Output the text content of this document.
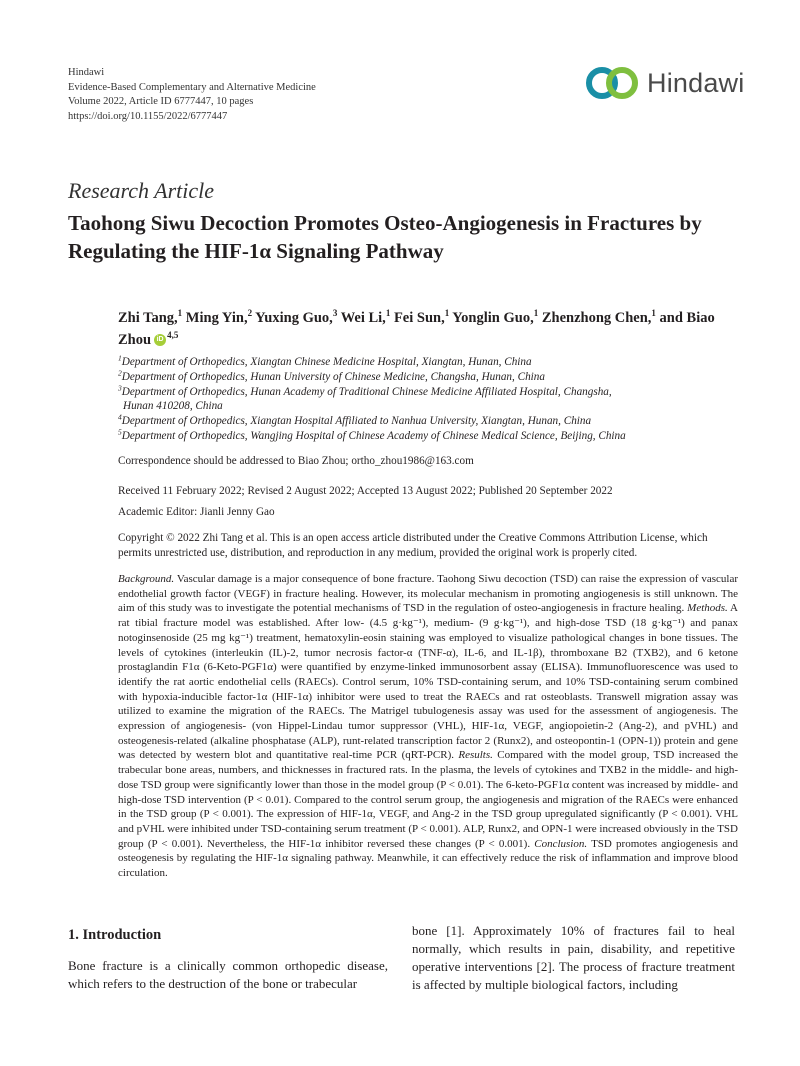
Hindawi
Evidence-Based Complementary and Alternative Medicine
Volume 2022, Article ID 6777447, 10 pages
https://doi.org/10.1155/2022/6777447
Hindawi
Research Article
Taohong Siwu Decoction Promotes Osteo-Angiogenesis in Fractures by Regulating the HIF-1α Signaling Pathway
Zhi Tang,$^1$ Ming Yin,$^2$ Yuxing Guo,$^3$ Wei Li,$^1$ Fei Sun,$^1$ Yonglin Guo,$^1$ Zhenzhong Chen,$^1$ and Biao Zhou iD $^{4,5}$
$^1$Department of Orthopedics, Xiangtan Chinese Medicine Hospital, Xiangtan, Hunan, China
$^2$Department of Orthopedics, Hunan University of Chinese Medicine, Changsha, Hunan, China
$^3$Department of Orthopedics, Hunan Academy of Traditional Chinese Medicine Affiliated Hospital, Changsha,
Hunan 410208, China
$^4$Department of Orthopedics, Xiangtan Hospital Affiliated to Nanhua University, Xiangtan, Hunan, China
$^5$Department of Orthopedics, Wangjing Hospital of Chinese Academy of Chinese Medical Science, Beijing, China
Correspondence should be addressed to Biao Zhou; ortho_zhou1986@163.com
Received 11 February 2022; Revised 2 August 2022; Accepted 13 August 2022; Published 20 September 2022
Academic Editor: Jianli Jenny Gao
Copyright © 2022 Zhi Tang et al. This is an open access article distributed under the Creative Commons Attribution License, which permits unrestricted use, distribution, and reproduction in any medium, provided the original work is properly cited.
Background. Vascular damage is a major consequence of bone fracture. Taohong Siwu decoction (TSD) can raise the expression of vascular endothelial growth factor (VEGF) in fracture healing. However, its molecular mechanism in promoting angiogenesis is still unknown. The aim of this study was to investigate the potential mechanisms of TSD in the regulation of osteo-angiogenesis in fracture healing. Methods. A rat tibial fracture model was established. After low- (4.5 g·kg⁻¹), medium- (9 g·kg⁻¹), and high-dose TSD (18 g·kg⁻¹) and panax notoginsenoside (25 mg kg⁻¹) treatment, hematoxylin-eosin staining was employed to visualize pathological changes in bone tissues. The levels of cytokines (interleukin (IL)-2, tumor necrosis factor-α (TNF-α), IL-6, and IL-1β), thromboxane B2 (TXB2), and 6 ketone prostaglandin F1α (6-Keto-PGF1α) were quantified by enzyme-linked immunosorbent assay (ELISA). Immunofluorescence was used to identify the rat aortic endothelial cells (RAECs). Control serum, 10% TSD-containing serum, and 10% TSD-containing serum combined with hypoxia-inducible factor-1α (HIF-1α) inhibitor were used to treat the RAECs and rat osteoblasts. Transwell migration assay was utilized to examine the migration of the RAECs. The Matrigel tubulogenesis assay was used for the assessment of angiogenesis. The expression of angiogenesis- (von Hippel-Lindau tumor suppressor (VHL), HIF-1α, VEGF, angiopoietin-2 (Ang-2), and pVHL) and osteogenesis-related (alkaline phosphatase (ALP), runt-related transcription factor 2 (Runx2), and osteopontin-1 (OPN-1)) protein and gene was detected by western blot and quantitative real-time PCR (qRT-PCR). Results. Compared with the model group, TSD increased the trabecular bone areas, numbers, and thicknesses in fractured rats. In the plasma, the levels of cytokines and TXB2 in the middle- and high-dose TSD group were significantly lower than those in the model group (P < 0.01). The 6-keto-PGF1α content was increased by middle- and high-dose TSD intervention (P < 0.01). Compared to the control serum group, the angiogenesis and migration of the RAECs were enhanced in the TSD group (P < 0.001). The expression of HIF-1α, VEGF, and Ang-2 in the TSD group upregulated significantly (P < 0.001). VHL and pVHL were inhibited under TSD-containing serum treatment (P < 0.001). ALP, Runx2, and OPN-1 were increased obviously in the TSD group (P < 0.001). Nevertheless, the HIF-1α inhibitor reversed these changes (P < 0.001). Conclusion. TSD promotes angiogenesis and osteogenesis by regulating the HIF-1α signaling pathway. Meanwhile, it can effectively reduce the risk of inflammation and improve blood circulation.
1. Introduction
Bone fracture is a clinically common orthopedic disease, which refers to the destruction of the bone or trabecular
bone [1]. Approximately 10% of fractures fail to heal normally, which results in pain, disability, and repetitive operative interventions [2]. The process of fracture treatment is affected by multiple biological factors, including
